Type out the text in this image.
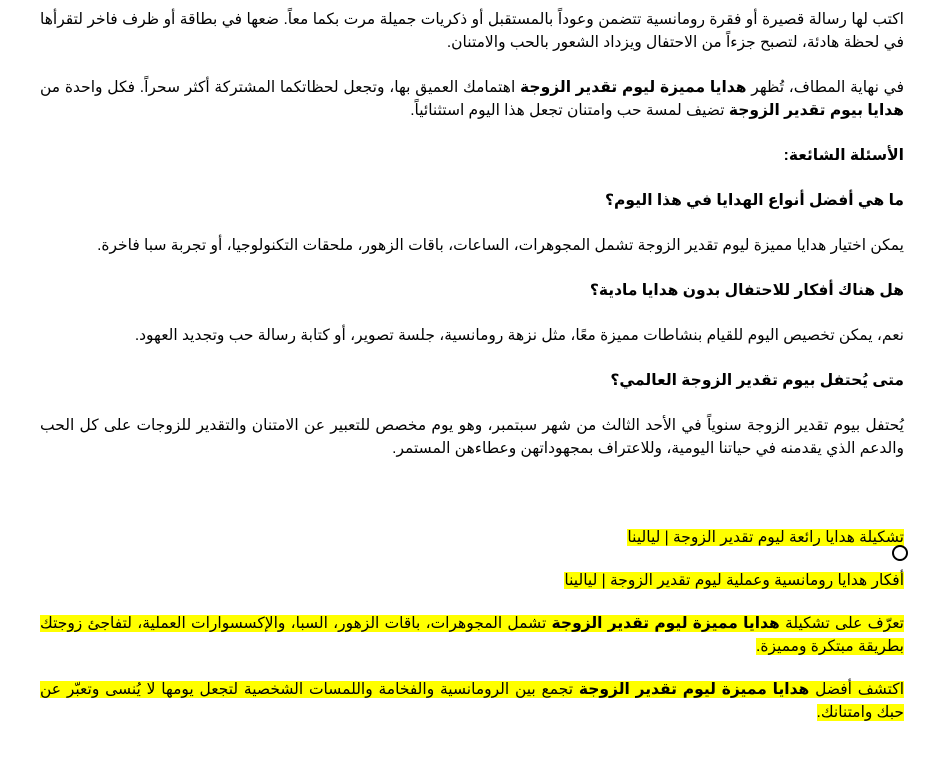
اكتب لها رسالة قصيرة أو فقرة رومانسية تتضمن وعوداً بالمستقبل أو ذكريات جميلة مرت بكما معاً. ضعها في بطاقة أو ظرف فاخر لتقرأها في لحظة هادئة، لتصبح جزءاً من الاحتفال ويزداد الشعور بالحب والامتنان.

في نهاية المطاف، تُظهر هدايا مميزة ليوم تقدير الزوجة اهتمامك العميق بها، وتجعل لحظاتكما المشتركة أكثر سحراً. فكل واحدة من هدايا بيوم تقدير الزوجة تضيف لمسة حب وامتنان تجعل هذا اليوم استثنائياً.

الأسئلة الشائعة:

ما هي أفضل أنواع الهدايا في هذا اليوم؟

يمكن اختيار هدايا مميزة ليوم تقدير الزوجة تشمل المجوهرات، الساعات، باقات الزهور، ملحقات التكنولوجيا، أو تجربة سبا فاخرة.

هل هناك أفكار للاحتفال بدون هدايا مادية؟

نعم، يمكن تخصيص اليوم للقيام بنشاطات مميزة معًا، مثل نزهة رومانسية، جلسة تصوير، أو كتابة رسالة حب وتجديد العهود.

متى يُحتفل بيوم تقدير الزوجة العالمي؟

يُحتفل بيوم تقدير الزوجة سنوياً في الأحد الثالث من شهر سبتمبر، وهو يوم مخصص للتعبير عن الامتنان والتقدير للزوجات على كل الحب والدعم الذي يقدمنه في حياتنا اليومية، وللاعتراف بمجهوداتهن وعطاءهن المستمر.

تشكيلة هدايا رائعة ليوم تقدير الزوجة | ليالينا

أفكار هدايا رومانسية وعملية ليوم تقدير الزوجة | ليالينا

تعرّف على تشكيلة هدايا مميزة ليوم تقدير الزوجة تشمل المجوهرات، باقات الزهور، السبا، والإكسسوارات العملية، لتفاجئ زوجتك بطريقة مبتكرة ومميزة.

اكتشف أفضل هدايا مميزة ليوم تقدير الزوجة تجمع بين الرومانسية والفخامة واللمسات الشخصية لتجعل يومها لا يُنسى وتعبّر عن حبك وامتنانك.
